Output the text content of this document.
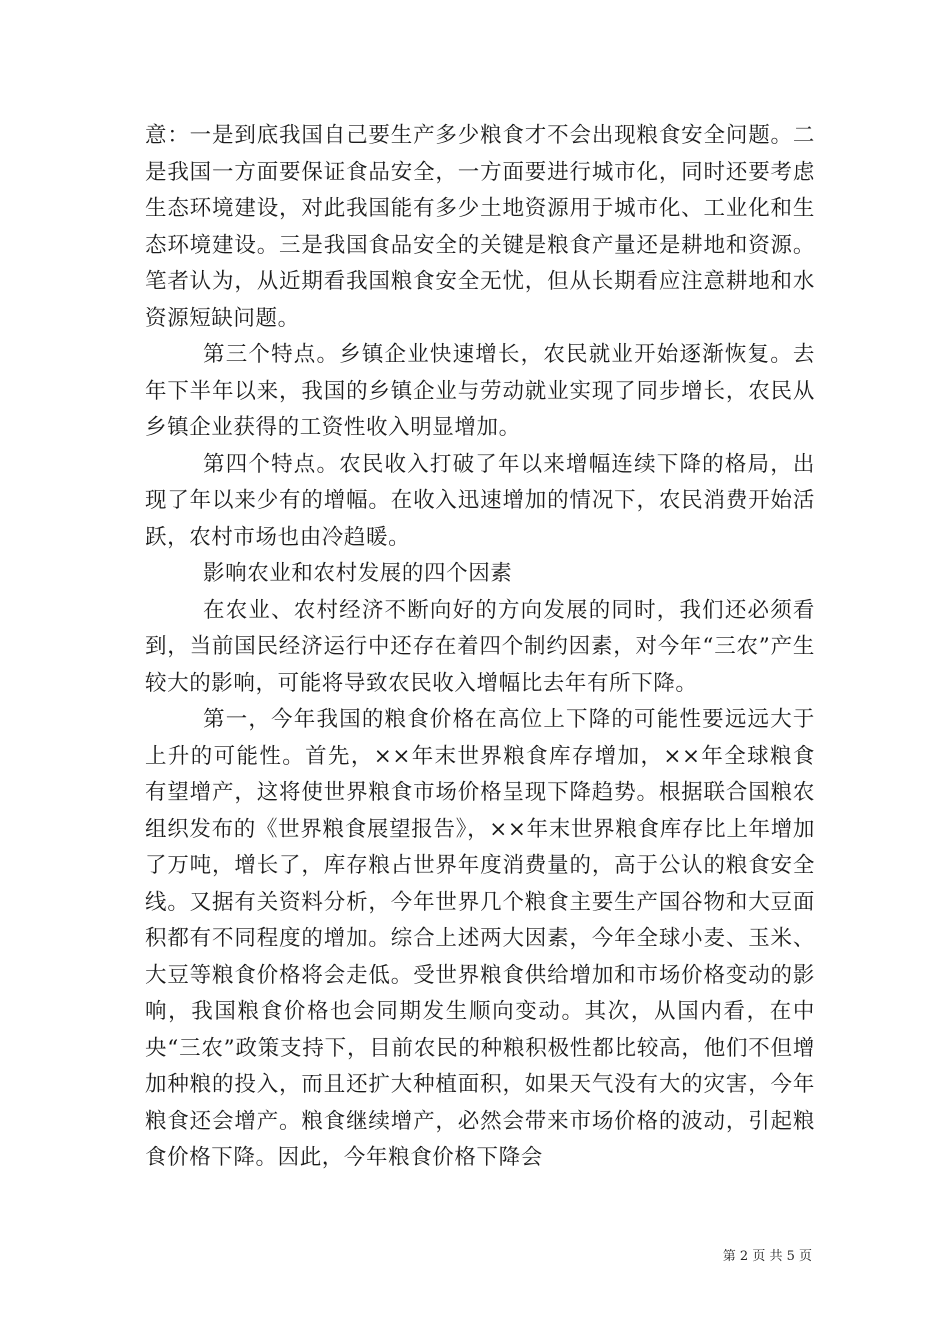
意：一是到底我国自己要生产多少粮食才不会出现粮食安全问题。二是我国一方面要保证食品安全，一方面要进行城市化，同时还要考虑生态环境建设，对此我国能有多少土地资源用于城市化、工业化和生态环境建设。三是我国食品安全的关键是粮食产量还是耕地和资源。笔者认为，从近期看我国粮食安全无忧，但从长期看应注意耕地和水资源短缺问题。

第三个特点。乡镇企业快速增长，农民就业开始逐渐恢复。去年下半年以来，我国的乡镇企业与劳动就业实现了同步增长，农民从乡镇企业获得的工资性收入明显增加。

第四个特点。农民收入打破了年以来增幅连续下降的格局，出现了年以来少有的增幅。在收入迅速增加的情况下，农民消费开始活跃，农村市场也由冷趋暖。

影响农业和农村发展的四个因素

在农业、农村经济不断向好的方向发展的同时，我们还必须看到，当前国民经济运行中还存在着四个制约因素，对今年“三农”产生较大的影响，可能将导致农民收入增幅比去年有所下降。

第一，今年我国的粮食价格在高位上下降的可能性要远远大于上升的可能性。首先，××年末世界粮食库存增加，××年全球粮食有望增产，这将使世界粮食市场价格呈现下降趋势。根据联合国粮农组织发布的《世界粮食展望报告》，××年末世界粮食库存比上年增加了万吨，增长了，库存粮占世界年度消费量的，高于公认的粮食安全线。又据有关资料分析，今年世界几个粮食主要生产国谷物和大豆面积都有不同程度的增加。综合上述两大因素，今年全球小麦、玉米、大豆等粮食价格将会走低。受世界粮食供给增加和市场价格变动的影响，我国粮食价格也会同期发生顺向变动。其次，从国内看，在中央“三农”政策支持下，目前农民的种粮积极性都比较高，他们不但增加种粮的投入，而且还扩大种植面积，如果天气没有大的灾害，今年粮食还会增产。粮食继续增产，必然会带来市场价格的波动，引起粮食价格下降。因此，今年粮食价格下降会

第 2 页 共 5 页
